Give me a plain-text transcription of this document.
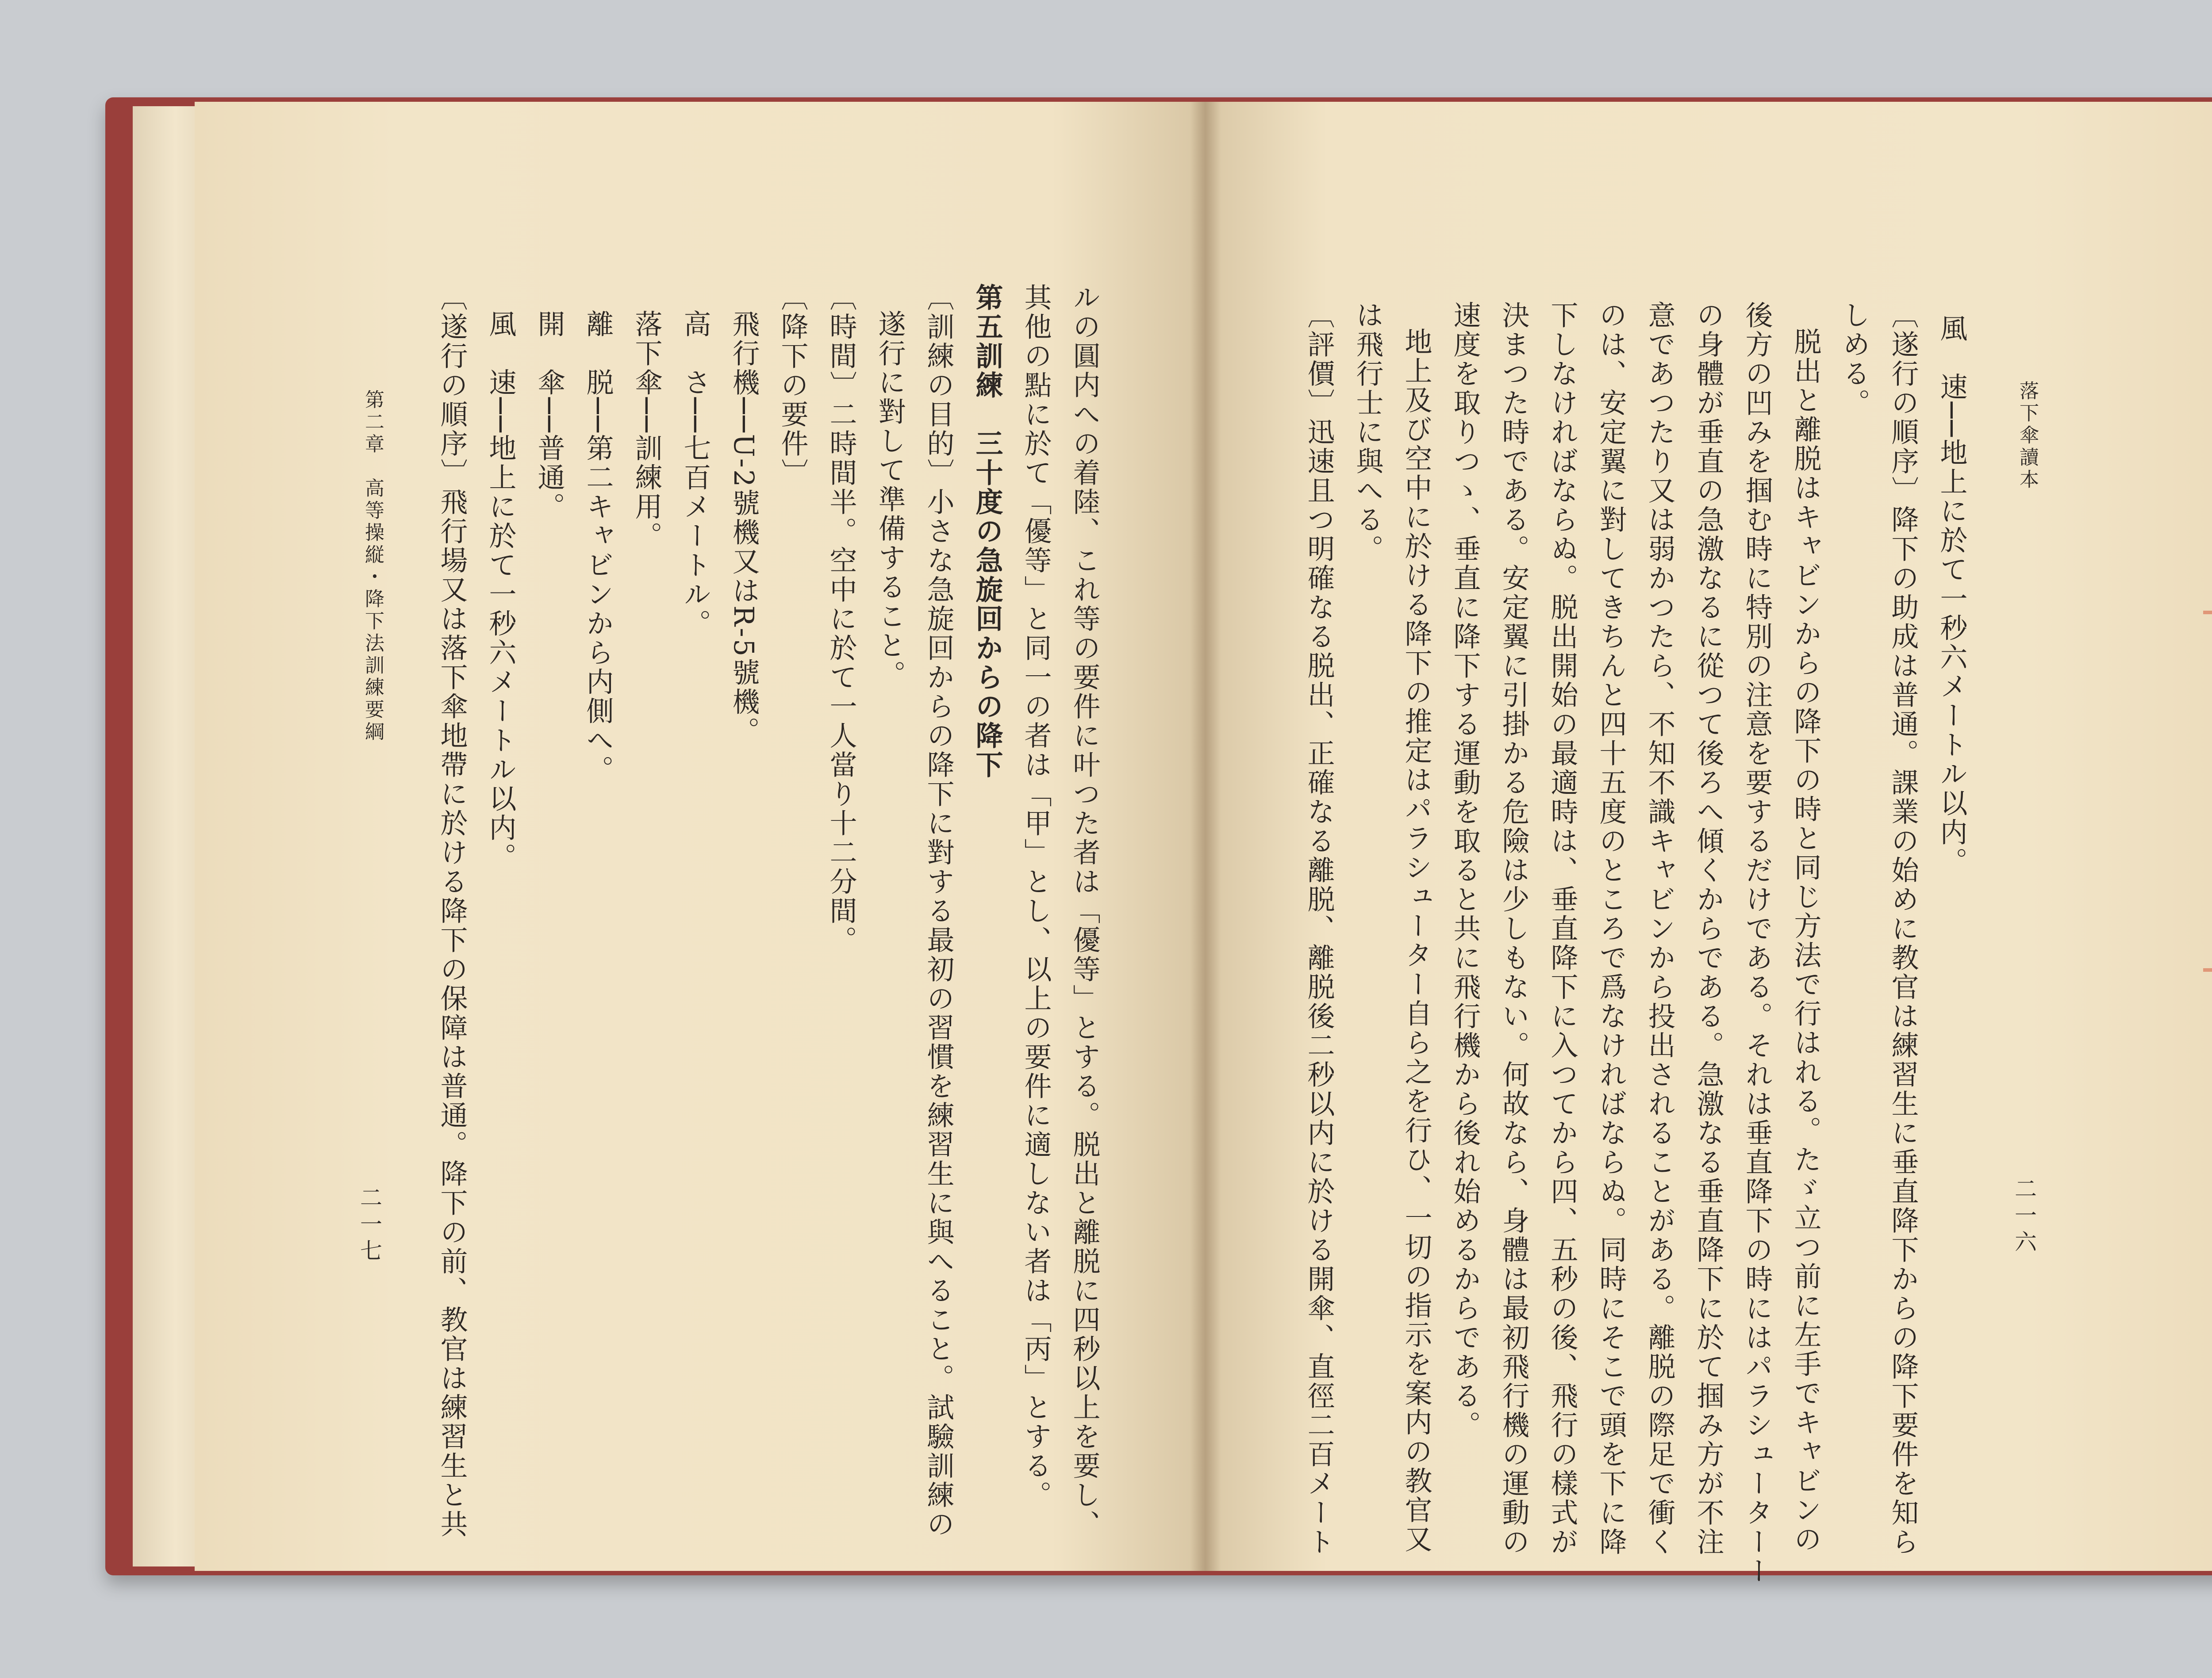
二一六
落下傘讀本
風　速──地上に於て一秒六メートル以内。
〔遂行の順序〕降下の助成は普通。課業の始めに教官は練習生に垂直降下からの降下要件を知ら
しめる。
脱出と離脱はキャビンからの降下の時と同じ方法で行はれる。たゞ立つ前に左手でキャビンの
後方の凹みを掴む時に特別の注意を要するだけである。それは垂直降下の時にはパラシューターー
の身體が垂直の急激なるに從つて後ろへ傾くからである。急激なる垂直降下に於て掴み方が不注
意であつたり又は弱かつたら、不知不識キャビンから投出されることがある。離脱の際足で衝く
のは、安定翼に對してきちんと四十五度のところで爲なければならぬ。同時にそこで頭を下に降
下しなければならぬ。脱出開始の最適時は、垂直降下に入つてから四、五秒の後、飛行の樣式が
決まつた時である。安定翼に引掛かる危險は少しもない。何故なら、身體は最初飛行機の運動の
速度を取りつゝ、垂直に降下する運動を取ると共に飛行機から後れ始めるからである。
地上及び空中に於ける降下の推定はパラシューター自ら之を行ひ、一切の指示を案内の教官又
は飛行士に與へる。
〔評價〕迅速且つ明確なる脱出、正確なる離脱、離脱後二秒以内に於ける開傘、直徑二百メート
二一七
第二章　高等操縦・降下法訓練要綱	ルの圓内への着陸、これ等の要件に叶つた者は「優等」とする。脱出と離脱に四秒以上を要し、
其他の點に於て「優等」と同一の者は「甲」とし、以上の要件に適しない者は「丙」とする。
第五訓練　三十度の急旋回からの降下
〔訓練の目的〕小さな急旋回からの降下に對する最初の習慣を練習生に與へること。試驗訓練の
遂行に對して準備すること。
〔時間〕二時間半。空中に於て一人當り十二分間。
〔降下の要件〕
飛行機──U-2號機又はR-5號機。
高　さ──七百メートル。
落下傘──訓練用。
離　脱──第二キャビンから内側へ。
開　傘──普通。
風　速──地上に於て一秒六メートル以内。
〔遂行の順序〕飛行場又は落下傘地帶に於ける降下の保障は普通。降下の前、教官は練習生と共
